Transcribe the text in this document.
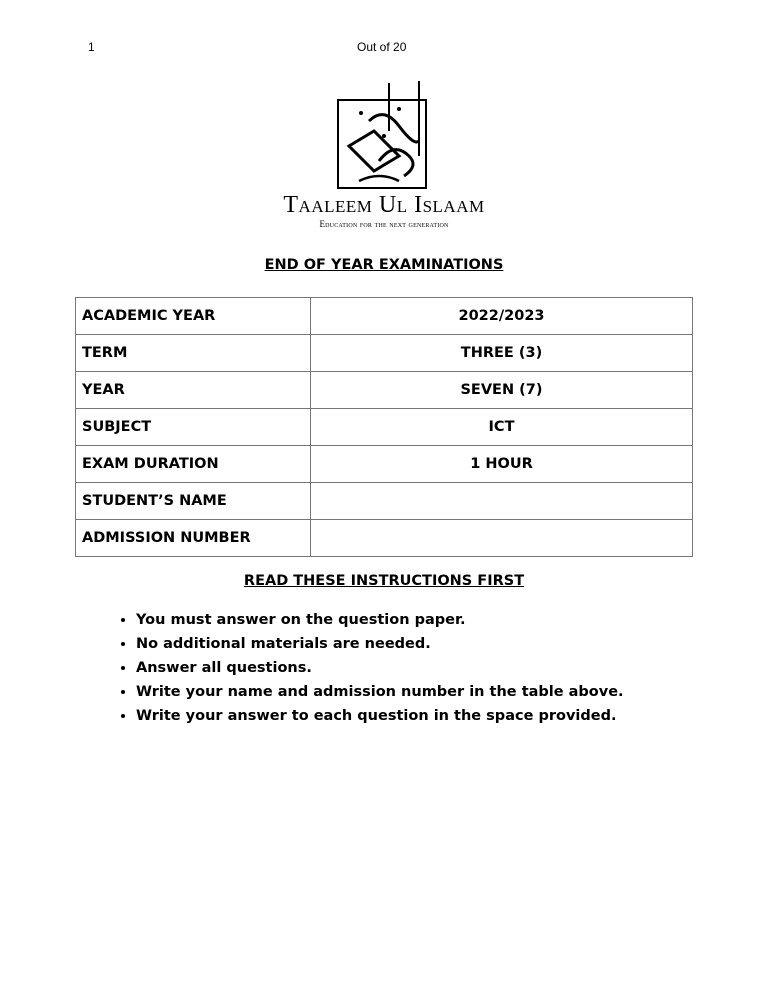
1	Out of 20
Taaleem Ul Islaam
Education for the next generation
END OF YEAR EXAMINATIONS
ACADEMIC YEAR	2022/2023
TERM	THREE (3)
YEAR	SEVEN (7)
SUBJECT	ICT
EXAM DURATION	1 HOUR
STUDENT’S NAME	
ADMISSION NUMBER	
READ THESE INSTRUCTIONS FIRST
• You must answer on the question paper.
• No additional materials are needed.
• Answer all questions.
• Write your name and admission number in the table above.
• Write your answer to each question in the space provided.
